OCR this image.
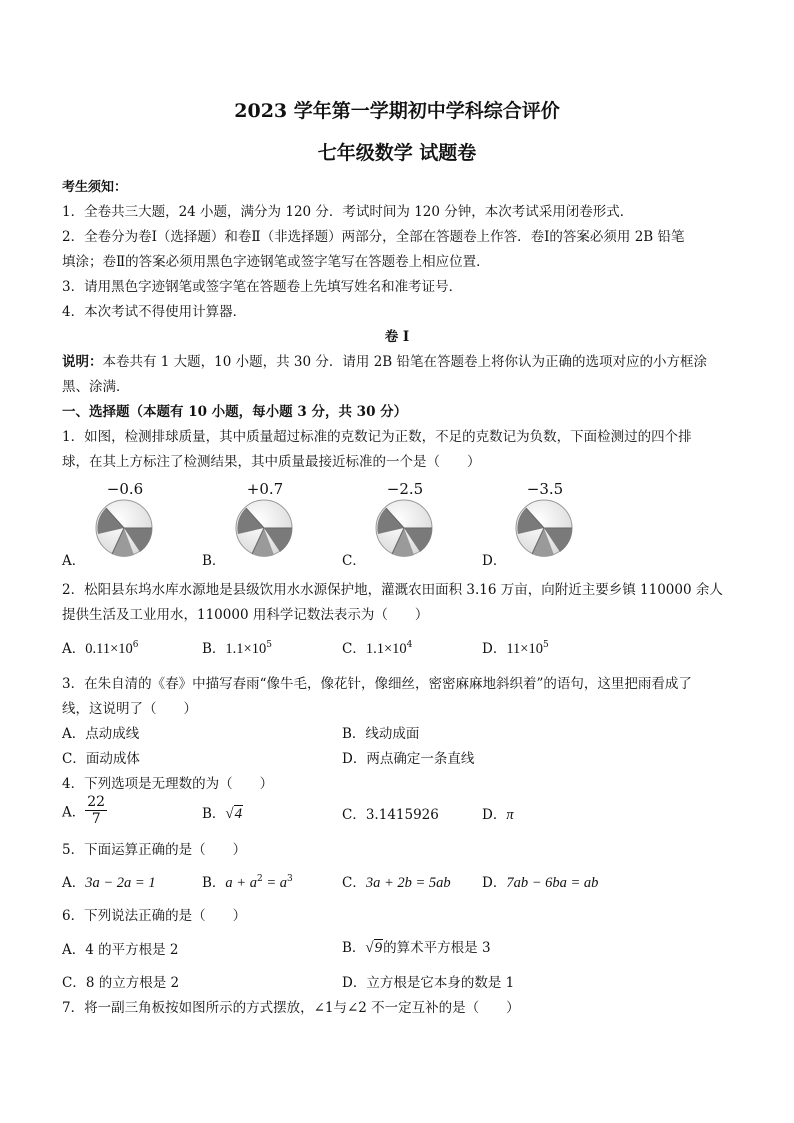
2023 学年第一学期初中学科综合评价
七年级数学 试题卷
考生须知：
1．全卷共三大题，24 小题，满分为 120 分．考试时间为 120 分钟，本次考试采用闭卷形式．
2．全卷分为卷Ⅰ（选择题）和卷Ⅱ（非选择题）两部分，全部在答题卷上作答．卷Ⅰ的答案必须用 2B 铅笔
填涂；卷Ⅱ的答案必须用黑色字迹钢笔或签字笔写在答题卷上相应位置．
3．请用黑色字迹钢笔或签字笔在答题卷上先填写姓名和准考证号．
4．本次考试不得使用计算器．
卷 I
说明：本卷共有 1 大题，10 小题，共 30 分．请用 2B 铅笔在答题卷上将你认为正确的选项对应的小方框涂
黑、涂满．
一、选择题（本题有 10 小题，每小题 3 分，共 30 分）
1．如图，检测排球质量，其中质量超过标准的克数记为正数，不足的克数记为负数，下面检测过的四个排
球，在其上方标注了检测结果，其中质量最接近标准的一个是（　　）
−0.6
A．
+0.7
B．
−2.5
C．
−3.5
D．
2．松阳县东坞水库水源地是县级饮用水水源保护地，灌溉农田面积 3.16 万亩，向附近主要乡镇 110000 余人
提供生活及工业用水，110000 用科学记数法表示为（　　）
A．$0.11\times 10^6$	B．$1.1\times 10^5$	C．$1.1\times 10^4$	D．$11\times 10^5$
3．在朱自清的《春》中描写春雨“像牛毛，像花针，像细丝，密密麻麻地斜织着”的语句，这里把雨看成了
线，这说明了（　　）
A．点动成线	B．线动成面
C．面动成体	D．两点确定一条直线
4．下列选项是无理数的为（　　）
A． $\frac{22}{7}$	B．√4	C．3.1415926	D．π
5．下面运算正确的是（　　）
A．3a − 2a = 1	B．$a + a^2 = a^3$	C．3a + 2b = 5ab D．7ab − 6ba = ab
6．下列说法正确的是（　　）
A．4 的平方根是 2	B．√9的算术平方根是 3
C．8 的立方根是 2	D．立方根是它本身的数是 1
7．将一副三角板按如图所示的方式摆放，∠1与∠2 不一定互补的是（　　）
